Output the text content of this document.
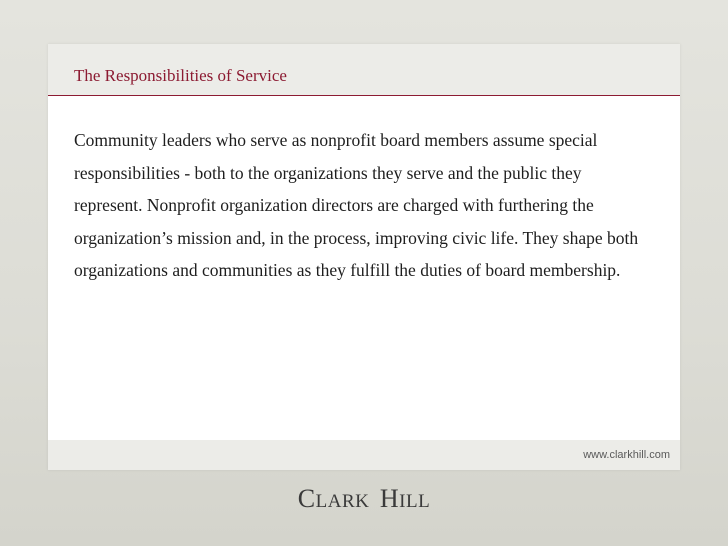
The Responsibilities of Service

Community leaders who serve as nonprofit board members assume special responsibilities - both to the organizations they serve and the public they represent. Nonprofit organization directors are charged with furthering the organization’s mission and, in the process, improving civic life. They shape both organizations and communities as they fulfill the duties of board membership.

www.clarkhill.com
CLARK HILL
